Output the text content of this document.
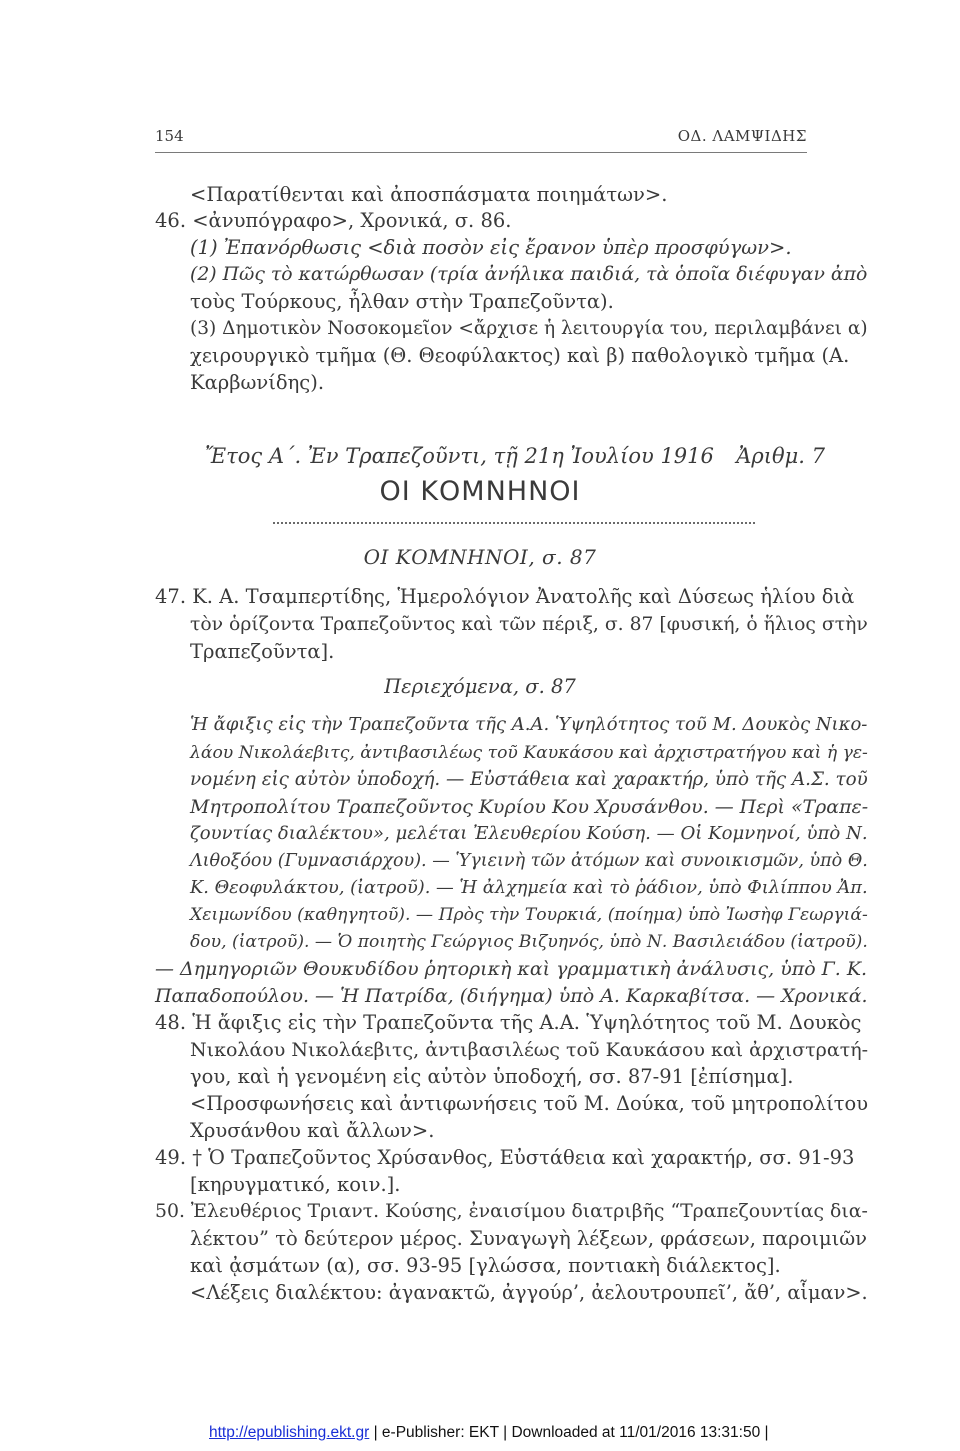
154	ΟΔ. ΛΑΜΨΙΔΗΣ
<Παρατίθενται καὶ ἀποσπάσματα ποιημάτων>.
46. <ἀνυπόγραφο>, Χρονικά, σ. 86.
(1) Ἐπανόρθωσις <διὰ ποσὸν εἰς ἔρανον ὑπὲρ προσφύγων>.
(2) Πῶς τὸ κατώρθωσαν (τρία ἀνήλικα παιδιά, τὰ ὁποῖα διέφυγαν ἀπὸ
τοὺς Τούρκους, ἦλθαν στὴν Τραπεζοῦντα).
(3) Δημοτικὸν Νοσοκομεῖον <ἄρχισε ἡ λειτουργία του, περιλαμβάνει α)
χειρουργικὸ τμῆμα (Θ. Θεοφύλακτος) καὶ β) παθολογικὸ τμῆμα (Α.
Καρβωνίδης).
Ἔτος Α΄. Ἐν Τραπεζοῦντι, τῇ 21η Ἰουλίου 1916 Ἀριθμ. 7
ΟΙ ΚΟΜΝΗΝΟΙ
ΟΙ ΚΟΜΝΗΝΟΙ, σ. 87
47. Κ. Α. Τσαμπερτίδης, Ἡμερολόγιον Ἀνατολῆς καὶ Δύσεως ἡλίου διὰ
τὸν ὁρίζοντα Τραπεζοῦντος καὶ τῶν πέριξ, σ. 87 [φυσική, ὁ ἥλιος στὴν
Τραπεζοῦντα].
Περιεχόμενα, σ. 87
Ἡ ἄφιξις εἰς τὴν Τραπεζοῦντα τῆς Α.Α. Ὑψηλότητος τοῦ Μ. Δουκὸς Νικο-
λάου Νικολάεβιτς, ἀντιβασιλέως τοῦ Καυκάσου καὶ ἀρχιστρατήγου καὶ ἡ γε-
νομένη εἰς αὐτὸν ὑποδοχή. — Εὐστάθεια καὶ χαρακτήρ, ὑπὸ τῆς Α.Σ. τοῦ
Μητροπολίτου Τραπεζοῦντος Κυρίου Κου Χρυσάνθου. — Περὶ «Τραπε-
ζουντίας διαλέκτου», μελέται Ἐλευθερίου Κούση. — Οἱ Κομνηνοί, ὑπὸ Ν.
Λιθοξόου (Γυμνασιάρχου). — Ὑγιεινὴ τῶν ἀτόμων καὶ συνοικισμῶν, ὑπὸ Θ.
Κ. Θεοφυλάκτου, (ἰατροῦ). — Ἡ ἀλχημεία καὶ τὸ ῥάδιον, ὑπὸ Φιλίππου Ἀπ.
Χειμωνίδου (καθηγητοῦ). — Πρὸς τὴν Τουρκιά, (ποίημα) ὑπὸ Ἰωσὴφ Γεωργιά-
δου, (ἰατροῦ). — Ὁ ποιητὴς Γεώργιος Βιζυηνός, ὑπὸ Ν. Βασιλειάδου (ἰατροῦ).
— Δημηγοριῶν Θουκυδίδου ῥητορικὴ καὶ γραμματικὴ ἀνάλυσις, ὑπὸ Γ. Κ.
Παπαδοπούλου. — Ἡ Πατρίδα, (διήγημα) ὑπὸ Α. Καρκαβίτσα. — Χρονικά.
48. Ἡ ἄφιξις εἰς τὴν Τραπεζοῦντα τῆς Α.Α. Ὑψηλότητος τοῦ Μ. Δουκὸς
Νικολάου Νικολάεβιτς, ἀντιβασιλέως τοῦ Καυκάσου καὶ ἀρχιστρατή-
γου, καὶ ἡ γενομένη εἰς αὐτὸν ὑποδοχή, σσ. 87-91 [ἐπίσημα].
<Προσφωνήσεις καὶ ἀντιφωνήσεις τοῦ Μ. Δούκα, τοῦ μητροπολίτου
Χρυσάνθου καὶ ἄλλων>.
49. † Ὁ Τραπεζοῦντος Χρύσανθος, Εὐστάθεια καὶ χαρακτήρ, σσ. 91-93
[κηρυγματικό, κοιν.].
50. Ἐλευθέριος Τριαντ. Κούσης, ἐναισίμου διατριβῆς “Τραπεζουντίας δια-
λέκτου” τὸ δεύτερον μέρος. Συναγωγὴ λέξεων, φράσεων, παροιμιῶν
καὶ ᾀσμάτων (α), σσ. 93-95 [γλώσσα, ποντιακὴ διάλεκτος].
<Λέξεις διαλέκτου: ἀγανακτῶ, ἀγγούρ’, ἀελουτρουπεῖ’, ἄθ’, αἷμαν>.
http://epublishing.ekt.gr | e-Publisher: EKT | Downloaded at 11/01/2016 13:31:50 |
